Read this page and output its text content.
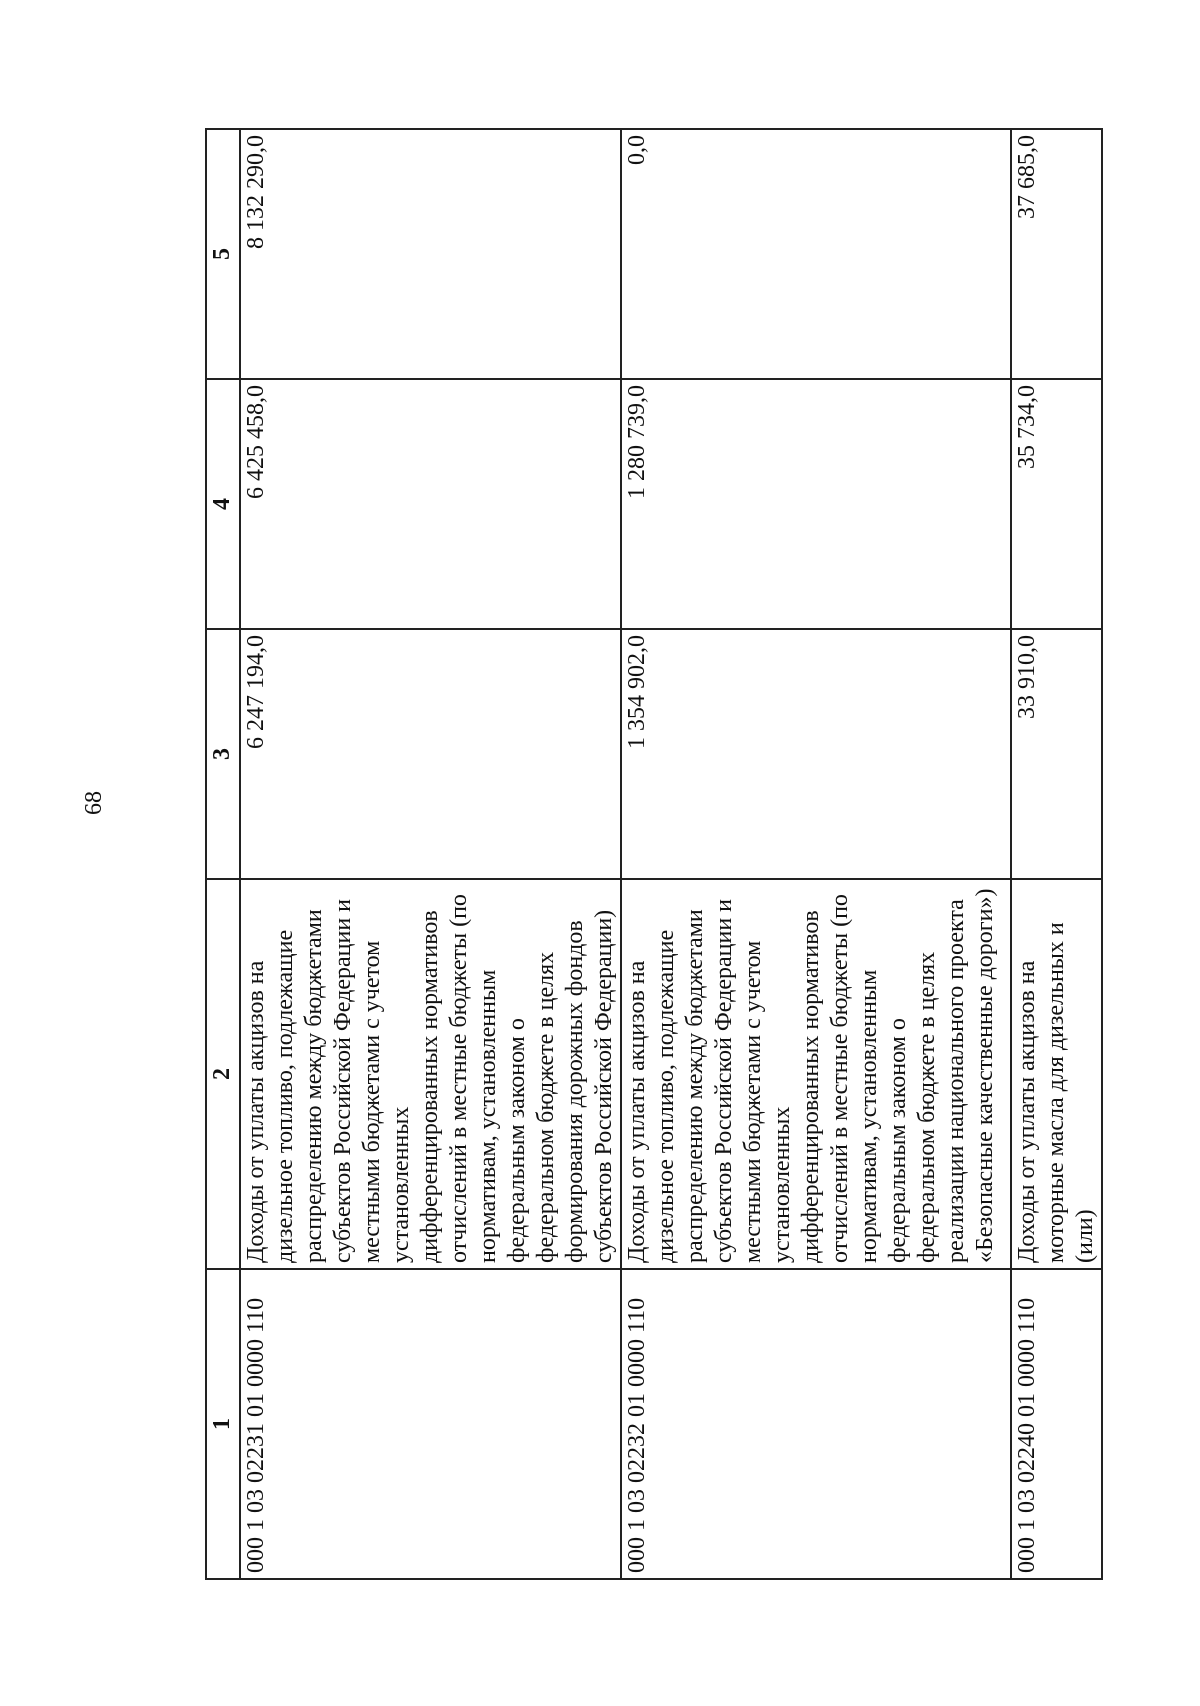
68
1	2	3	4	5
000 1 03 02231 01 0000 110	Доходы от уплаты акцизов на дизельное топливо, подлежащие распределению между бюджетами субъектов Российской Федерации и местными бюджетами с учетом установленных дифференцированных нормативов отчислений в местные бюджеты (по нормативам, установленным федеральным законом о федеральном бюджете в целях формирования дорожных фондов субъектов Российской Федерации)	6 247 194,0	6 425 458,0	8 132 290,0
000 1 03 02232 01 0000 110	Доходы от уплаты акцизов на дизельное топливо, подлежащие распределению между бюджетами субъектов Российской Федерации и местными бюджетами с учетом установленных дифференцированных нормативов отчислений в местные бюджеты (по нормативам, установленным федеральным законом о федеральном бюджете в целях реализации национального проекта «Безопасные качественные дороги»)	1 354 902,0	1 280 739,0	0,0
000 1 03 02240 01 0000 110	Доходы от уплаты акцизов на моторные масла для дизельных и (или)	33 910,0	35 734,0	37 685,0
